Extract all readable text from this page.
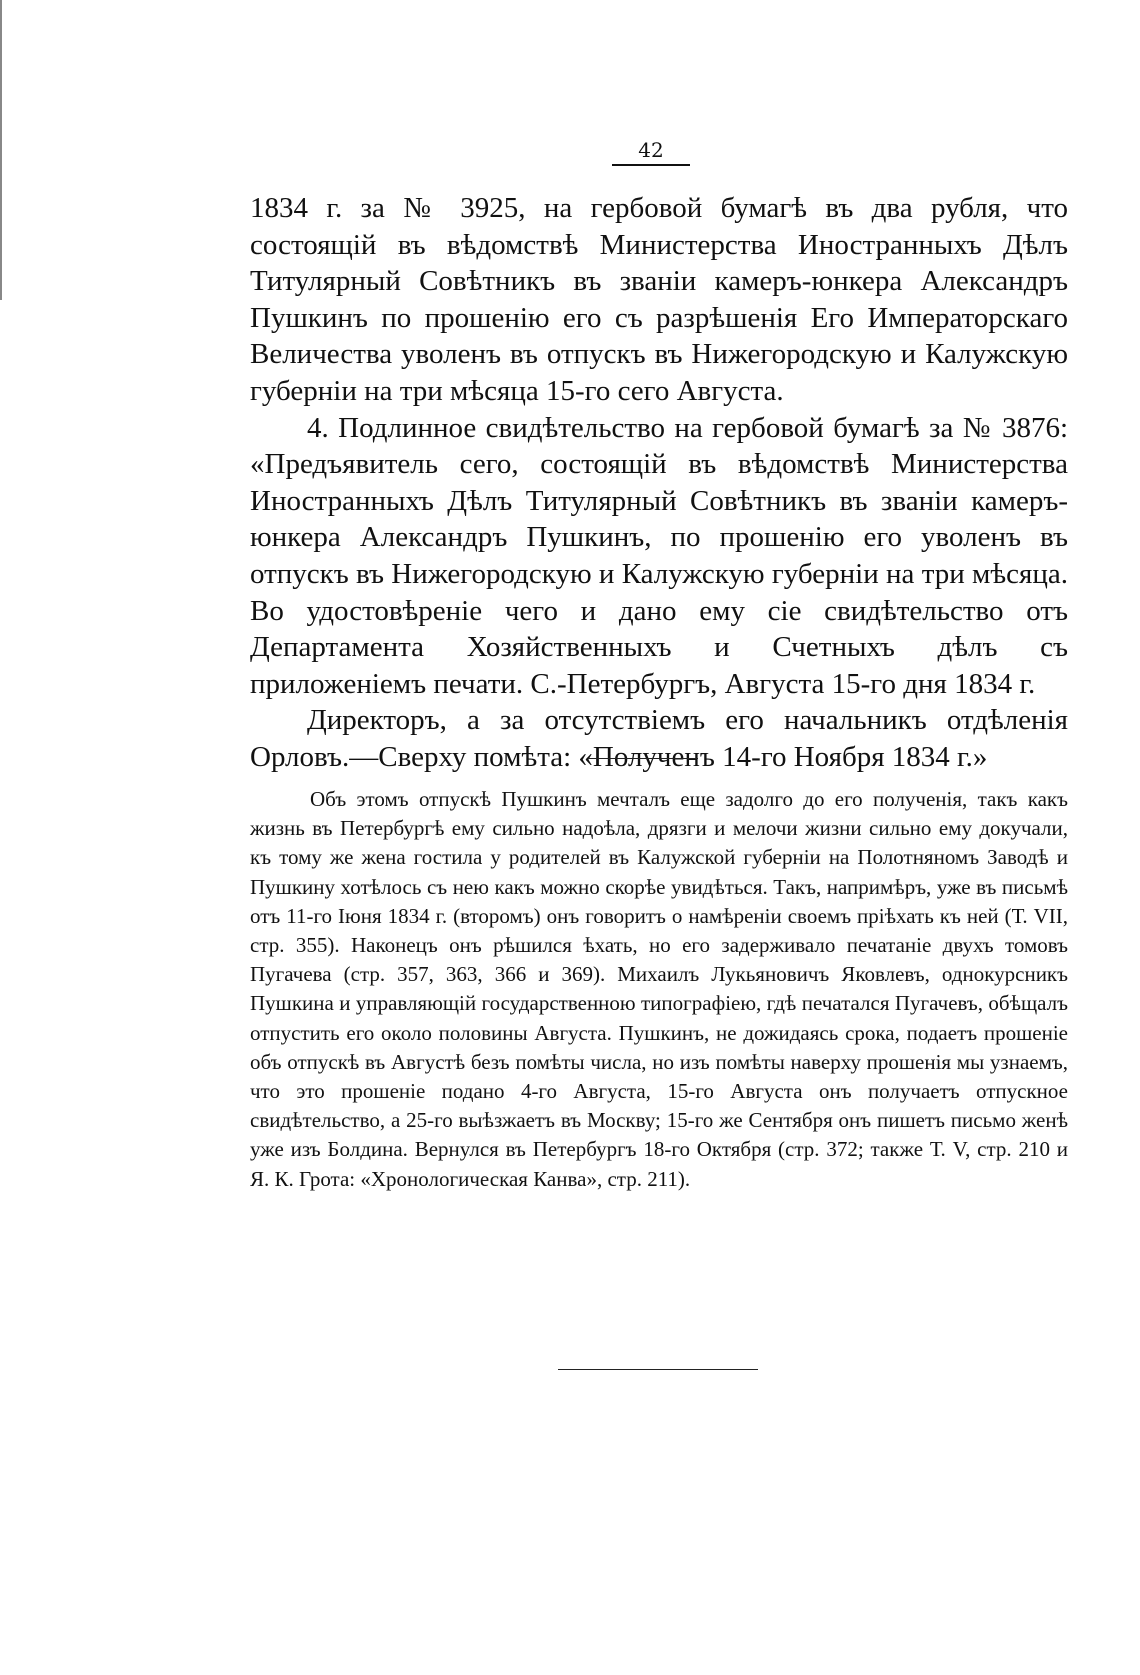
42

1834 г. за № 3925, на гербовой бумагѣ въ два рубля, что состоящій въ вѣдомствѣ Министерства Иностранныхъ Дѣлъ Титулярный Совѣтникъ въ званіи камеръ-юнкера Александръ Пушкинъ по прошенію его съ разрѣшенія Его Императорскаго Величества уволенъ въ отпускъ въ Нижегородскую и Калужскую губерніи на три мѣсяца 15-го сего Августа.

4. Подлинное свидѣтельство на гербовой бумагѣ за № 3876: «Предъявитель сего, состоящій въ вѣдомствѣ Министерства Иностранныхъ Дѣлъ Титулярный Совѣтникъ въ званіи камеръ-юнкера Александръ Пушкинъ, по прошенію его уволенъ въ отпускъ въ Нижегородскую и Калужскую губерніи на три мѣсяца. Во удостовѣреніе чего и дано ему сіе свидѣтельство отъ Департамента Хозяйственныхъ и Счетныхъ дѣлъ съ приложеніемъ печати. С.-Петербургъ, Августа 15-го дня 1834 г.

Директоръ, а за отсутствіемъ его начальникъ отдѣленія Орловъ.—Сверху помѣта: «Полученъ 14-го Ноября 1834 г.»

Объ этомъ отпускѣ Пушкинъ мечталъ еще задолго до его полученія, такъ какъ жизнь въ Петербургѣ ему сильно надоѣла, дрязги и мелочи жизни сильно ему докучали, къ тому же жена гостила у родителей въ Калужской губерніи на Полотняномъ Заводѣ и Пушкину хотѣлось съ нею какъ можно скорѣе увидѣться. Такъ, напримѣръ, уже въ письмѣ отъ 11-го Іюня 1834 г. (второмъ) онъ говоритъ о намѣреніи своемъ пріѣхать къ ней (Т. VII, стр. 355). Наконецъ онъ рѣшился ѣхать, но его задерживало печатаніе двухъ томовъ Пугачева (стр. 357, 363, 366 и 369). Михаилъ Лукьяновичъ Яковлевъ, однокурсникъ Пушкина и управляющій государственною типографіею, гдѣ печатался Пугачевъ, обѣщалъ отпустить его около половины Августа. Пушкинъ, не дожидаясь срока, подаетъ прошеніе объ отпускѣ въ Августѣ безъ помѣты числа, но изъ помѣты наверху прошенія мы узнаемъ, что это прошеніе подано 4-го Августа, 15-го Августа онъ получаетъ отпускное свидѣтельство, а 25-го выѣзжаетъ въ Москву; 15-го же Сентября онъ пишетъ письмо женѣ уже изъ Болдина. Вернулся въ Петербургъ 18-го Октября (стр. 372; также Т. V, стр. 210 и Я. К. Грота: «Хронологическая Канва», стр. 211).
